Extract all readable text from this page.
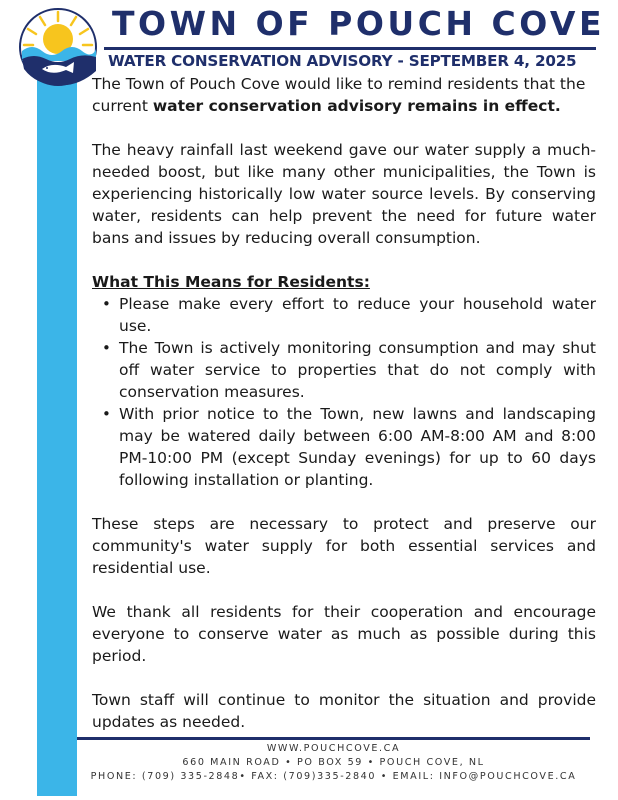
TOWN OF POUCH COVE
WATER CONSERVATION ADVISORY - SEPTEMBER 4, 2025

The Town of Pouch Cove would like to remind residents that the current water conservation advisory remains in effect.

The heavy rainfall last weekend gave our water supply a much-needed boost, but like many other municipalities, the Town is experiencing historically low water source levels. By conserving water, residents can help prevent the need for future water bans and issues by reducing overall consumption.

What This Means for Residents:

• Please make every effort to reduce your household water use.
• The Town is actively monitoring consumption and may shut off water service to properties that do not comply with conservation measures.
• With prior notice to the Town, new lawns and landscaping may be watered daily between 6:00 AM-8:00 AM and 8:00 PM-10:00 PM (except Sunday evenings) for up to 60 days following installation or planting.

These steps are necessary to protect and preserve our community's water supply for both essential services and residential use.

We thank all residents for their cooperation and encourage everyone to conserve water as much as possible during this period.

Town staff will continue to monitor the situation and provide updates as needed.

WWW.POUCHCOVE.CA
660 MAIN ROAD • PO BOX 59 • POUCH COVE, NL
PHONE: (709) 335-2848• FAX: (709)335-2840 • EMAIL: INFO@POUCHCOVE.CA
